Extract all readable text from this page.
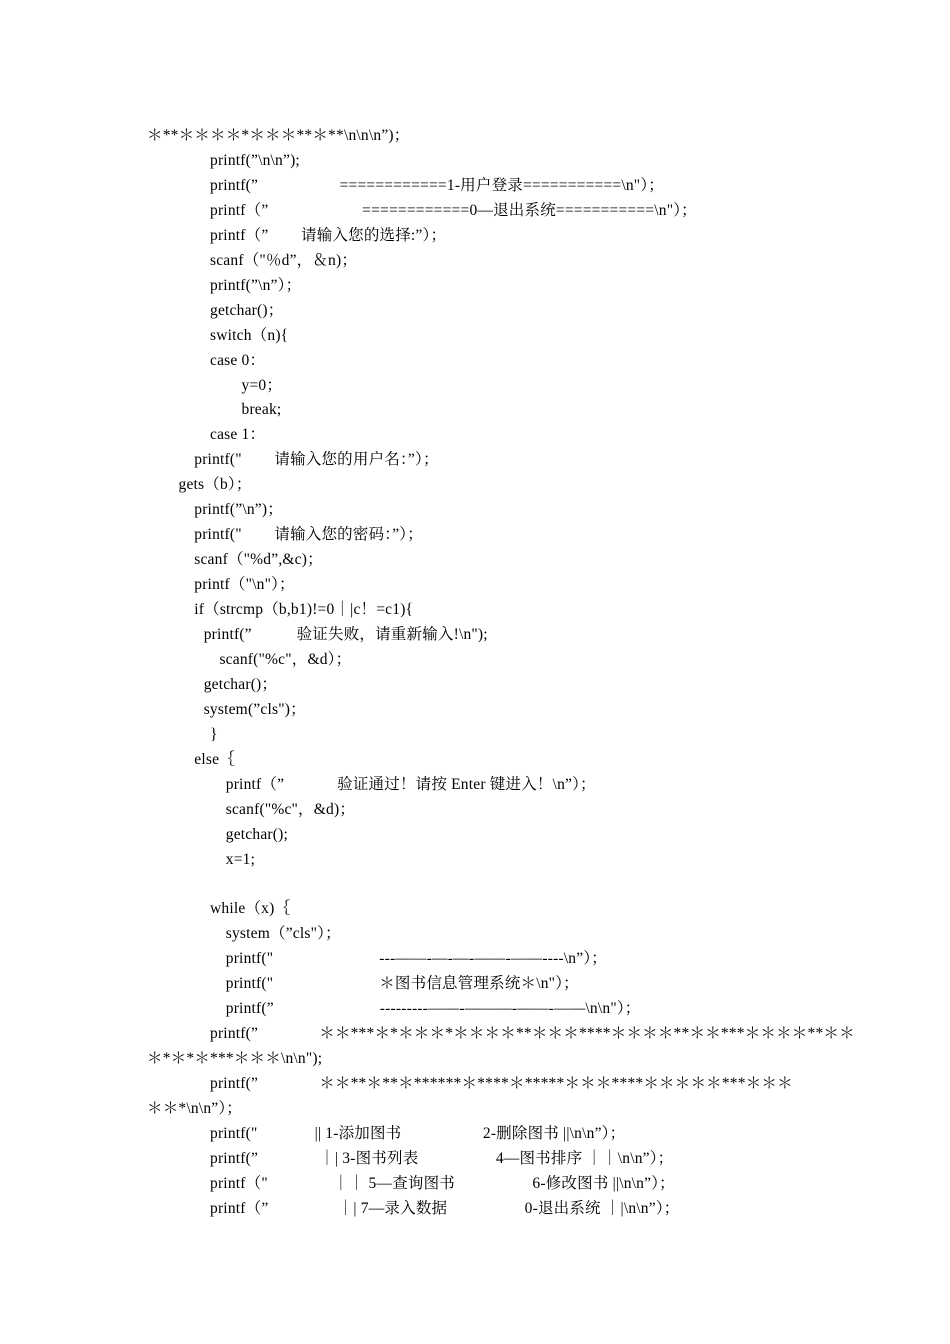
＊**＊＊＊＊*＊＊＊**＊**\n\n\n”)；
printf(”\n\n”);
printf(”                    ============1-用户登录===========\n"）；
printf（”                       ============0—退出系统===========\n"）；
printf（”        请输入您的选择:”）；
scanf（"％d”，＆n)；
printf(”\n”）；
getchar()；
switch（n){
case 0：
y=0；
break;
case 1：
printf("        请输入您的用户名：”）；
gets（b）；
printf(”\n”)；
printf("        请输入您的密码：”）；
scanf（"%d”,&c)；
printf（"\n"）；
if（strcmp（b,b1)!=0｜|c！=c1){
printf(”           验证失败，请重新输入!\n");
scanf("%c"，&d）；
getchar()；
system(”cls")；
}
else｛
printf（”             验证通过！请按 Enter 键进入！\n”）；
scanf("%c"，&d)；
getchar();
x=1;
while（x)｛
system（”cls"）；
printf("                          ---——-—-—-——-——----\n”）；
printf("                          ＊图书信息管理系统＊\n"）；
printf(”                          ---------——-———-——-——\n\n"）；
printf(”               ＊＊***＊*＊＊＊*＊＊＊＊**＊＊＊****＊＊＊＊**＊＊***＊＊＊＊**＊＊
＊*＊*＊***＊＊＊\n\n");
printf(”               ＊＊**＊**＊******＊****＊*****＊＊＊****＊＊＊＊＊***＊＊＊
＊＊*\n\n”）；
printf("              || 1-添加图书                    2-删除图书 ||\n\n”）；
printf(”               ｜| 3-图书列表                   4—图书排序 ｜｜\n\n”）；
printf（"                ｜｜ 5—查询图书                   6-修改图书 ||\n\n”）；
printf（”                 ｜| 7—录入数据                   0-退出系统 ｜|\n\n”）；
